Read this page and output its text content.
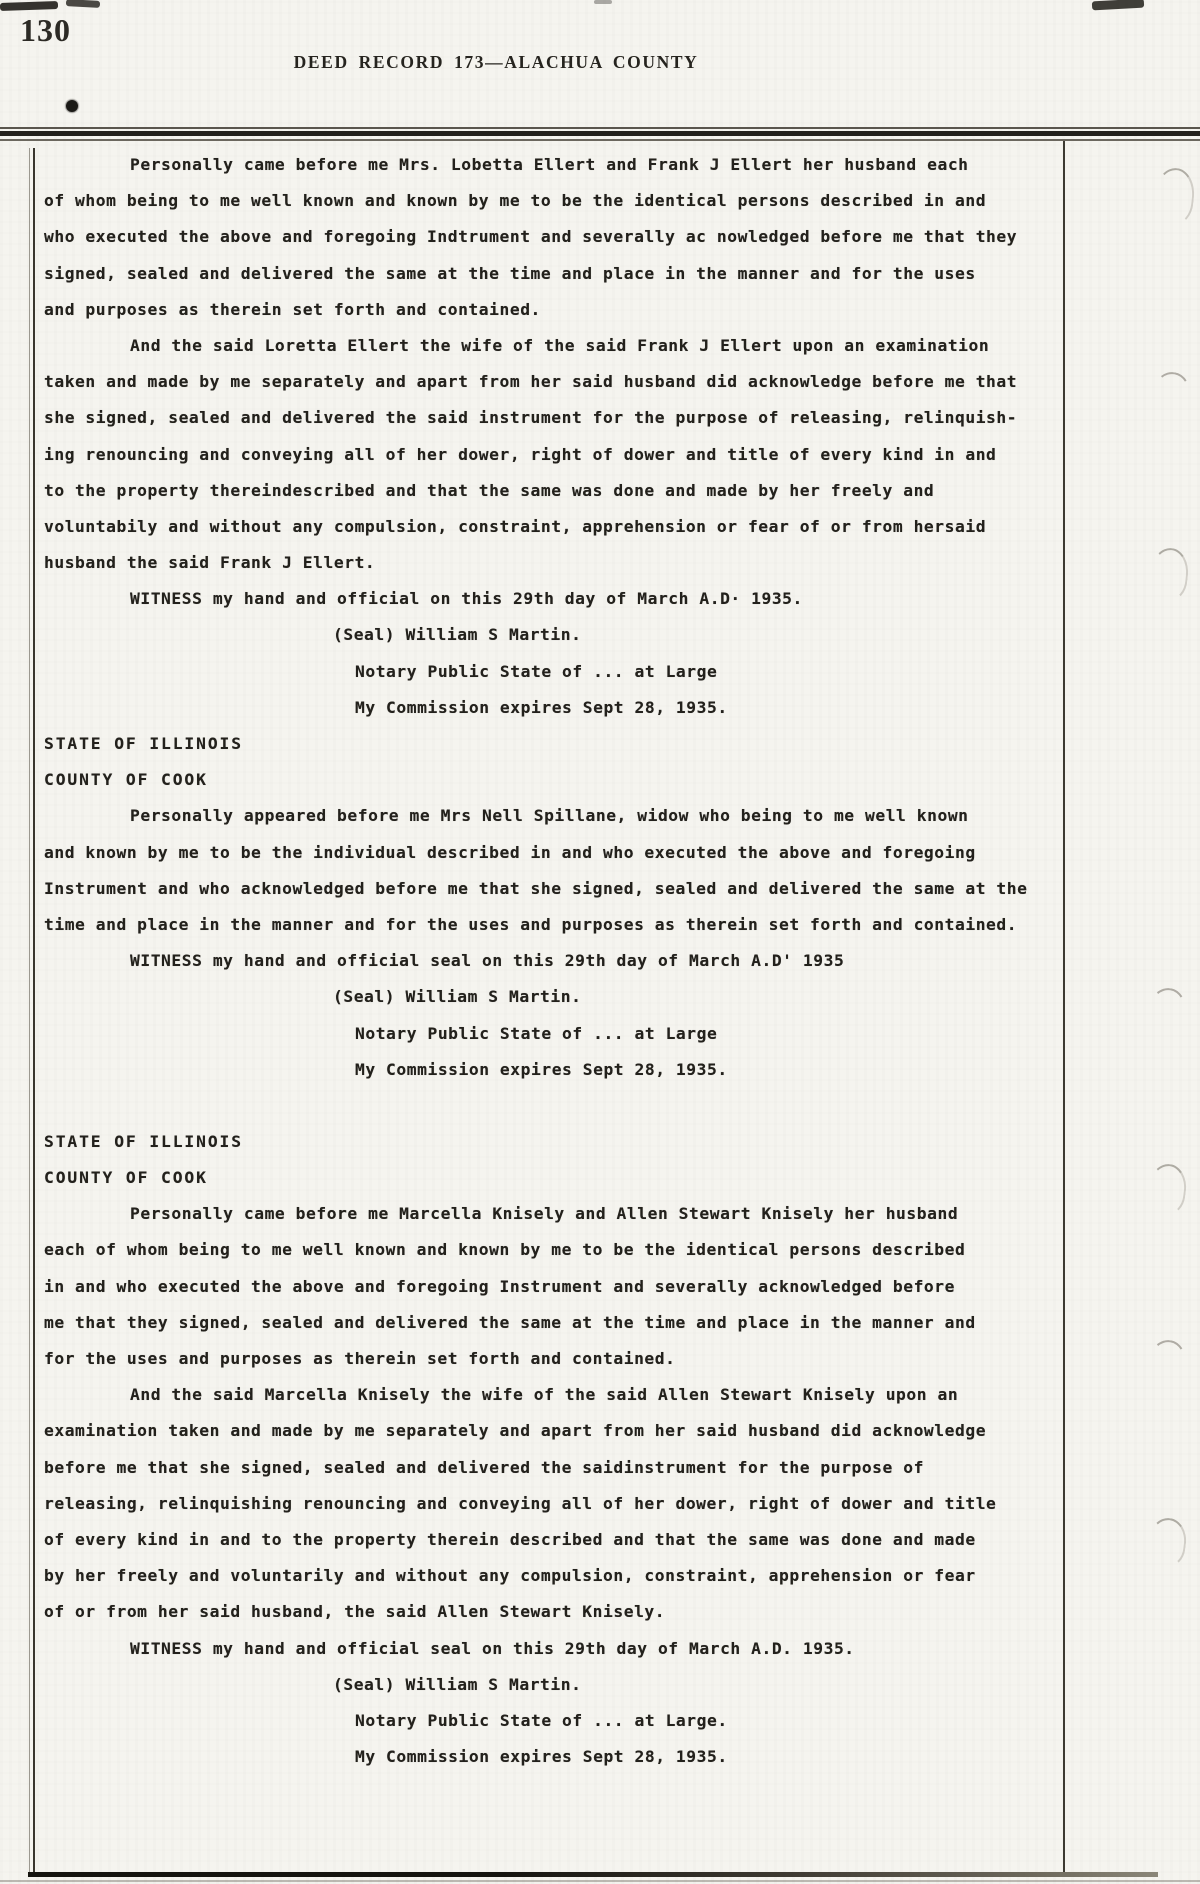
130
DEED RECORD 173—ALACHUA COUNTY
Personally came before me Mrs. Lobetta Ellert and Frank J Ellert her husband each
of whom being to me well known and known by me to be the identical persons described in and
who executed the above and foregoing Indtrument and severally ac nowledged before me that they
signed, sealed and delivered the same at the time and place in the manner and for the uses
and purposes as therein set forth and contained.
And the said Loretta Ellert the wife of the said Frank J Ellert upon an examination
taken and made by me separately and apart from her said husband did acknowledge before me that
she signed, sealed and delivered the said instrument for the purpose of releasing, relinquish-
ing renouncing and conveying all of her dower, right of dower and title of every kind in and
to the property thereindescribed and that the same was done and made by her freely and
voluntabily and without any compulsion, constraint, apprehension or fear of or from hersaid
husband the said Frank J Ellert.
WITNESS my hand and official on this 29th day of March A.D· 1935.
(Seal) William S Martin.
Notary Public State of ... at Large
My Commission expires Sept 28, 1935.
STATE OF ILLINOIS
COUNTY OF COOK
Personally appeared before me Mrs Nell Spillane, widow who being to me well known
and known by me to be the individual described in and who executed the above and foregoing
Instrument and who acknowledged before me that she signed, sealed and delivered the same at the
time and place in the manner and for the uses and purposes as therein set forth and contained.
WITNESS my hand and official seal on this 29th day of March A.D' 1935
(Seal) William S Martin.
Notary Public State of ... at Large
My Commission expires Sept 28, 1935.
STATE OF ILLINOIS
COUNTY OF COOK
Personally came before me Marcella Knisely and Allen Stewart Knisely her husband
each of whom being to me well known and known by me to be the identical persons described
in and who executed the above and foregoing Instrument and severally acknowledged before
me that they signed, sealed and delivered the same at the time and place in the manner and
for the uses and purposes as therein set forth and contained.
And the said Marcella Knisely the wife of the said Allen Stewart Knisely upon an
examination taken and made by me separately and apart from her said husband did acknowledge
before me that she signed, sealed and delivered the saidinstrument for the purpose of
releasing, relinquishing renouncing and conveying all of her dower, right of dower and title
of every kind in and to the property therein described and that the same was done and made
by her freely and voluntarily and without any compulsion, constraint, apprehension or fear
of or from her said husband, the said Allen Stewart Knisely.
WITNESS my hand and official seal on this 29th day of March A.D. 1935.
(Seal) William S Martin.
Notary Public State of ... at Large.
My Commission expires Sept 28, 1935.
